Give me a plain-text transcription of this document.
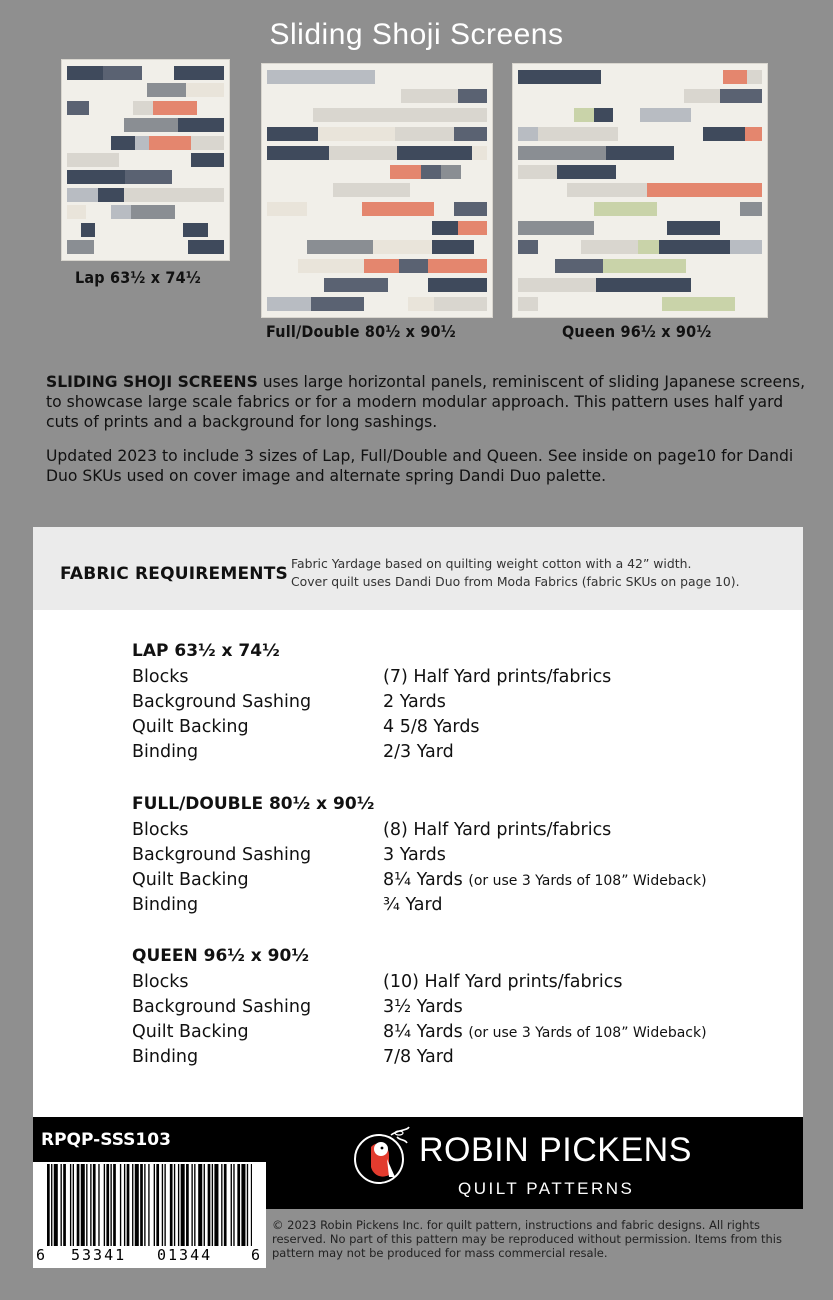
Sliding Shoji Screens
Lap 63½ x 74½
Full/Double 80½ x 90½	Queen 96½ x 90½
SLIDING SHOJI SCREENS uses large horizontal panels, reminiscent of sliding Japanese screens, to showcase large scale fabrics or for a modern modular approach. This pattern uses half yard cuts of prints and a background for long sashings.
Updated 2023 to include 3 sizes of Lap, Full/Double and Queen. See inside on page10 for Dandi Duo SKUs used on cover image and alternate spring Dandi Duo palette.
FABRIC REQUIREMENTS
Fabric Yardage based on quilting weight cotton with a 42” width.
Cover quilt uses Dandi Duo from Moda Fabrics (fabric SKUs on page 10).
LAP 63½ x 74½
Blocks	(7) Half Yard prints/fabrics
Background Sashing	2 Yards
Quilt Backing	4 5/8 Yards
Binding	2/3 Yard
FULL/DOUBLE 80½ x 90½
Blocks	(8) Half Yard prints/fabrics
Background Sashing	3 Yards
Quilt Backing	8¼ Yards (or use 3 Yards of 108” Wideback)
Binding	¾ Yard
QUEEN 96½ x 90½
Blocks	(10) Half Yard prints/fabrics
Background Sashing	3½ Yards
Quilt Backing	8¼ Yards (or use 3 Yards of 108” Wideback)
Binding	7/8 Yard
RPQP-SSS103	ROBIN PICKENS
QUILT PATTERNS
6 53341 01344	6
© 2023 Robin Pickens Inc. for quilt pattern, instructions and fabric designs. All rights reserved. No part of this pattern may be reproduced without permission. Items from this pattern may not be produced for mass commercial resale.
